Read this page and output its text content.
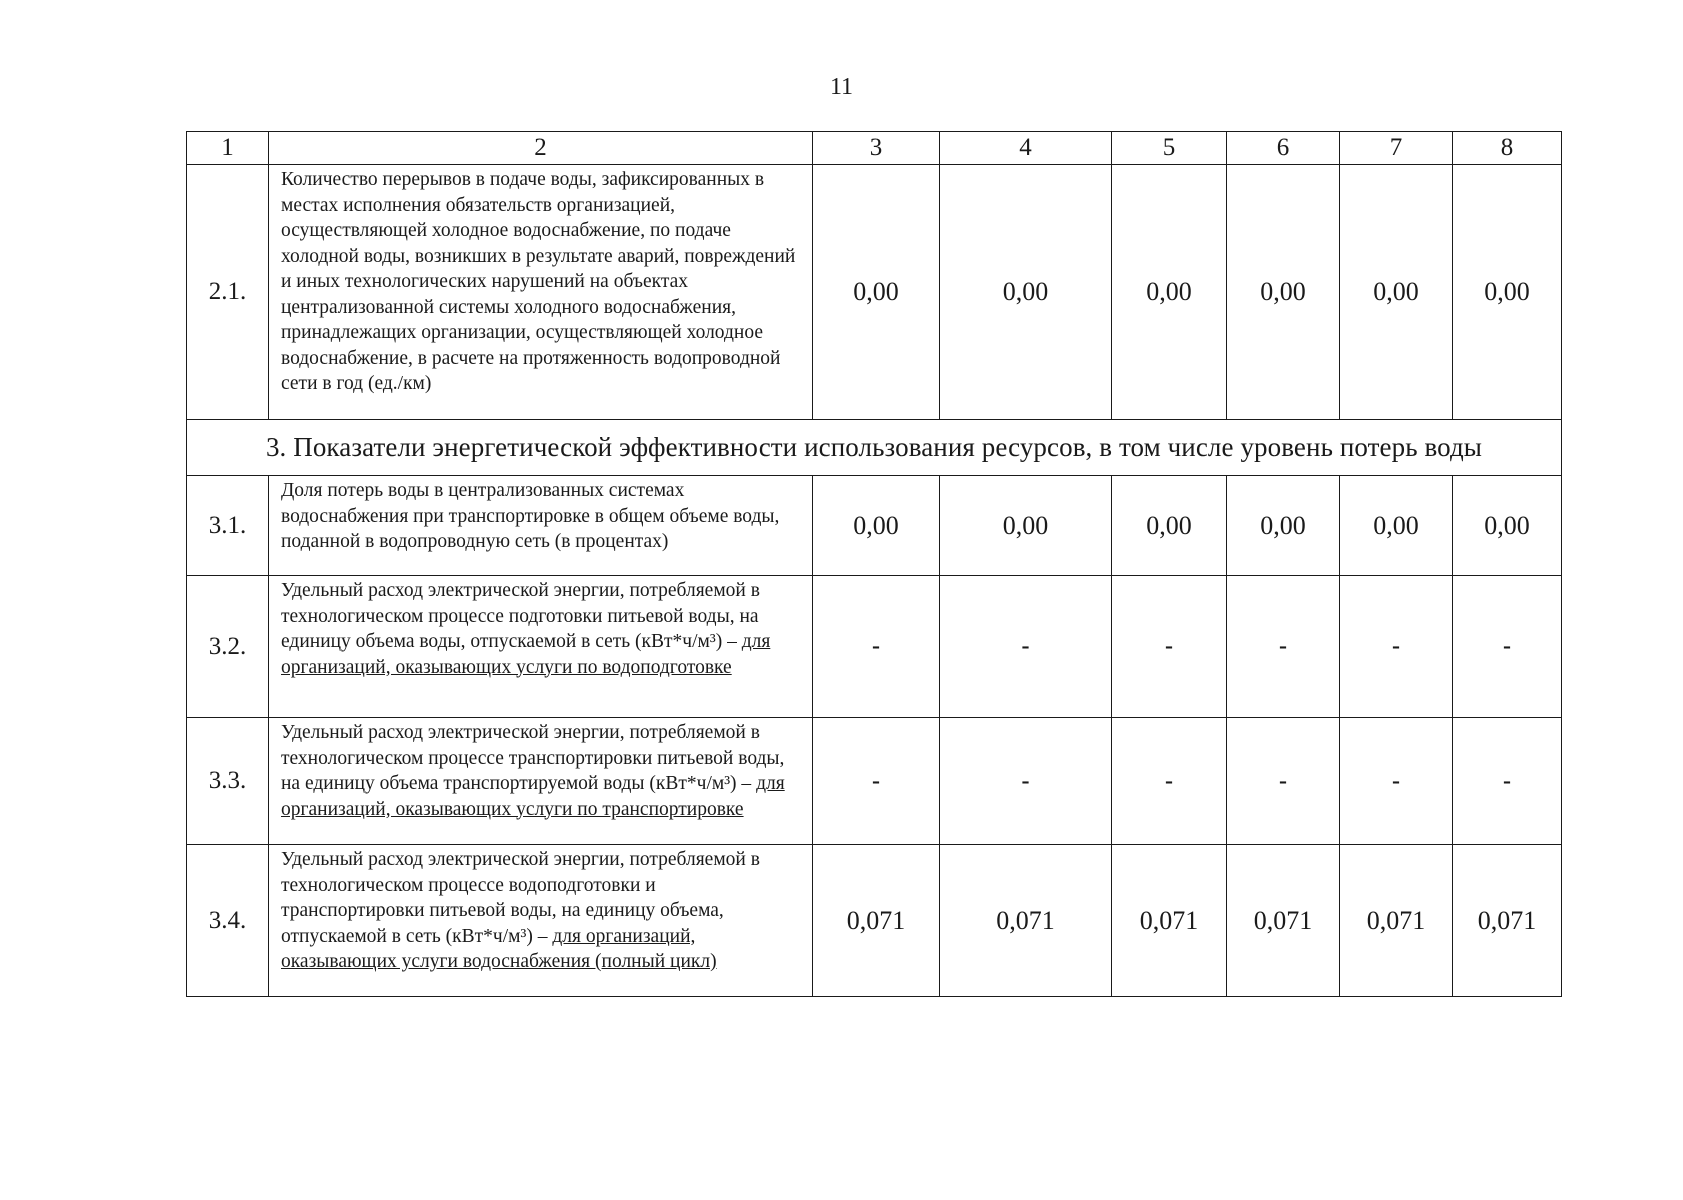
11
1	2	3	4	5	6	7	8
2.1.	Количество перерывов в подаче воды, зафиксированных в местах исполнения обязательств организацией, осуществляющей холодное водоснабжение, по подаче холодной воды, возникших в результате аварий, повреждений и иных технологических нарушений на объектах централизованной системы холодного водоснабжения, принадлежащих организации, осуществляющей холодное водоснабжение, в расчете на протяженность водопроводной сети в год (ед./км)	0,00	0,00	0,00	0,00	0,00	0,00
3. Показатели энергетической эффективности использования ресурсов, в том числе уровень потерь воды							
3.1.	Доля потерь воды в централизованных системах водоснабжения при транспортировке в общем объеме воды, поданной в водопроводную сеть (в процентах)	0,00	0,00	0,00	0,00	0,00	0,00
3.2.	Удельный расход электрической энергии, потребляемой в технологическом процессе подготовки питьевой воды, на единицу объема воды, отпускаемой в сеть (кВт*ч/м³) – для организаций, оказывающих услуги по водоподготовке	-	-	-	-	-	-
3.3.	Удельный расход электрической энергии, потребляемой в технологическом процессе транспортировки питьевой воды, на единицу объема транспортируемой воды (кВт*ч/м³) – для организаций, оказывающих услуги по транспортировке	-	-	-	-	-	-
3.4.	Удельный расход электрической энергии, потребляемой в технологическом процессе водоподготовки и транспортировки питьевой воды, на единицу объема, отпускаемой в сеть (кВт*ч/м³) – для организаций, оказывающих услуги водоснабжения (полный цикл)	0,071	0,071	0,071	0,071	0,071	0,071
